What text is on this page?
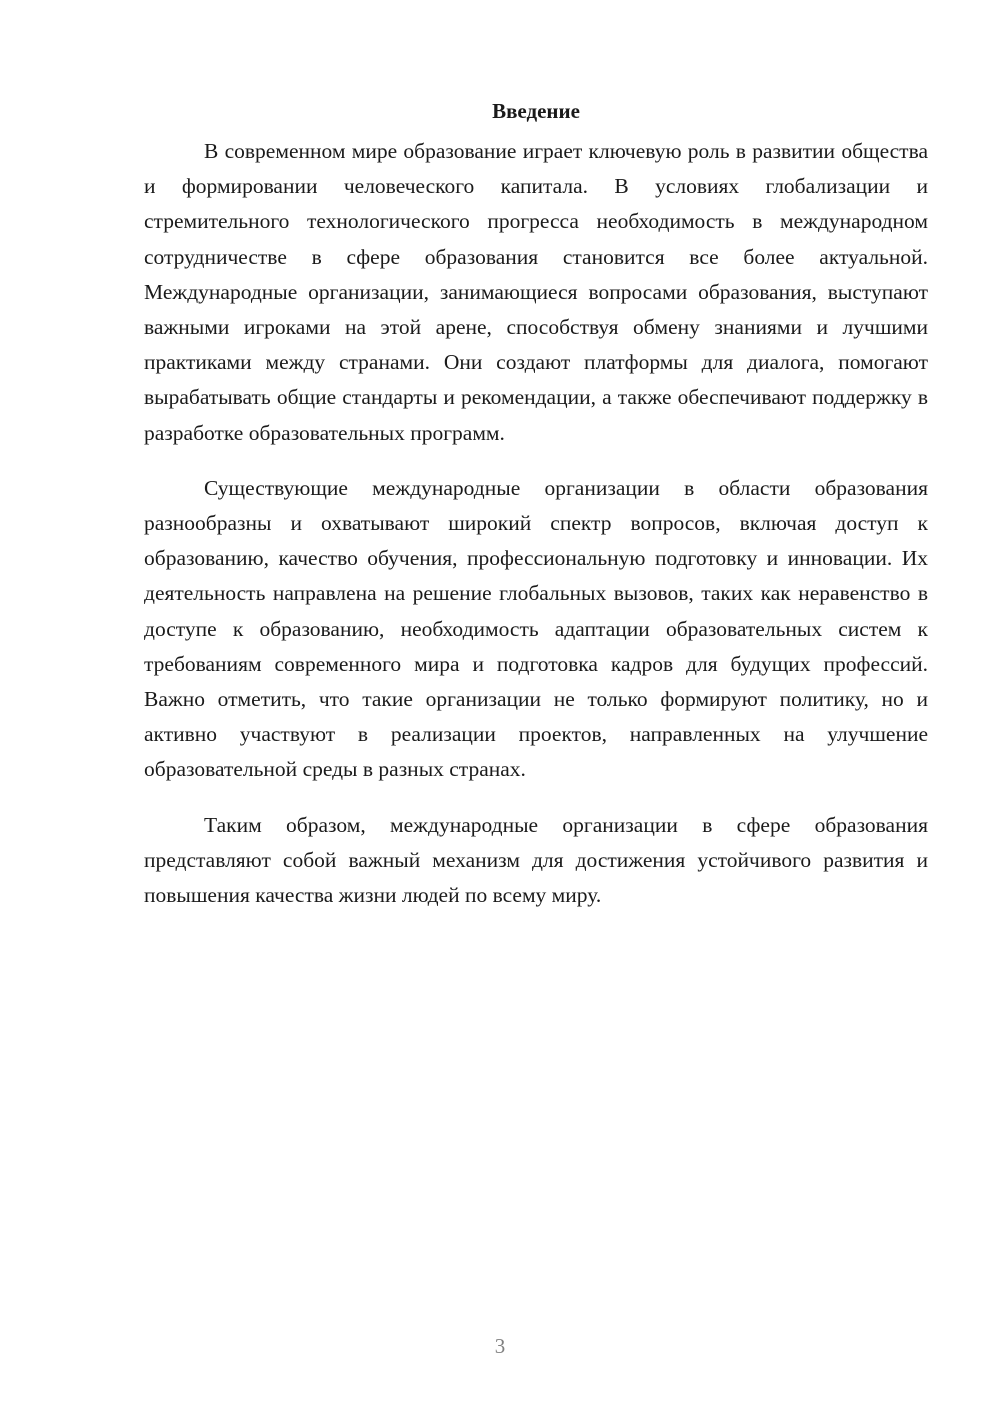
Введение

В современном мире образование играет ключевую роль в развитии общества и формировании человеческого капитала. В условиях глобализации и стремительного технологического прогресса необходимость в международном сотрудничестве в сфере образования становится все более актуальной. Международные организации, занимающиеся вопросами образования, выступают важными игроками на этой арене, способствуя обмену знаниями и лучшими практиками между странами. Они создают платформы для диалога, помогают вырабатывать общие стандарты и рекомендации, а также обеспечивают поддержку в разработке образовательных программ.

Существующие международные организации в области образования разнообразны и охватывают широкий спектр вопросов, включая доступ к образованию, качество обучения, профессиональную подготовку и инновации. Их деятельность направлена на решение глобальных вызовов, таких как неравенство в доступе к образованию, необходимость адаптации образовательных систем к требованиям современного мира и подготовка кадров для будущих профессий. Важно отметить, что такие организации не только формируют политику, но и активно участвуют в реализации проектов, направленных на улучшение образовательной среды в разных странах.

Таким образом, международные организации в сфере образования представляют собой важный механизм для достижения устойчивого развития и повышения качества жизни людей по всему миру.

3
